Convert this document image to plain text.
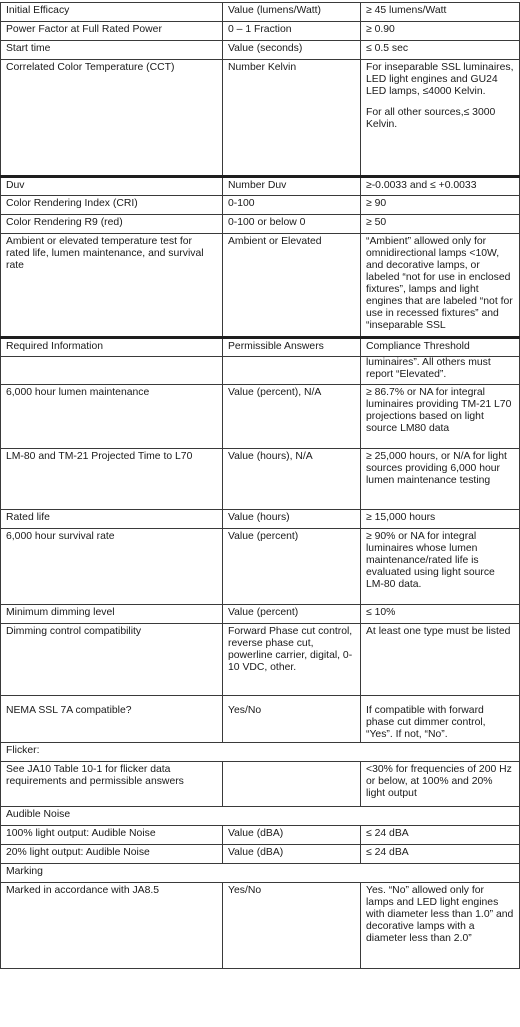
Initial Efficacy	Value (lumens/Watt)	≥ 45 lumens/Watt
Power Factor at Full Rated Power	0 – 1 Fraction	≥ 0.90
Start time	Value (seconds)	≤ 0.5 sec
Correlated Color Temperature (CCT)	Number Kelvin	For inseparable SSL luminaires, LED light engines and GU24 LED lamps, ≤4000 Kelvin.

For all other sources,≤ 3000 Kelvin.

Duv	Number Duv	≥-0.0033 and ≤ +0.0033
Color Rendering Index (CRI)	0-100	≥ 90
Color Rendering R9 (red)	0-100 or below 0	≥ 50
Ambient or elevated temperature test for rated life, lumen maintenance, and survival rate	Ambient or Elevated	“Ambient” allowed only for omnidirectional lamps <10W, and decorative lamps, or labeled “not for use in enclosed fixtures”, lamps and light engines that are labeled “not for use in recessed fixtures” and “inseparable SSL
Required Information	Permissible Answers	Compliance Threshold
		luminaires”. All others must report “Elevated”.
6,000 hour lumen maintenance	Value (percent), N/A	≥ 86.7% or NA for integral luminaires providing TM-21 L70 projections based on light source LM80 data
LM-80 and TM-21 Projected Time to L70	Value (hours), N/A	≥ 25,000 hours, or N/A for light sources providing 6,000 hour lumen maintenance testing
Rated life	Value (hours)	≥ 15,000 hours
6,000 hour survival rate	Value (percent)	≥ 90% or NA for integral luminaires whose lumen maintenance/rated life is evaluated using light source LM-80 data.
Minimum dimming level	Value (percent)	≤ 10%
Dimming control compatibility	Forward Phase cut control, reverse phase cut, powerline carrier, digital, 0-10 VDC, other.	At least one type must be listed
NEMA SSL 7A compatible?	Yes/No	If compatible with forward phase cut dimmer control, “Yes”. If not, “No”.
Flicker:		
See JA10 Table 10-1 for flicker data requirements and permissible answers		<30% for frequencies of 200 Hz or below, at 100% and 20% light output
Audible Noise		
100% light output: Audible Noise	Value (dBA)	≤ 24 dBA
20% light output: Audible Noise	Value (dBA)	≤ 24 dBA
Marking		
Marked in accordance with JA8.5	Yes/No	Yes. “No” allowed only for lamps and LED light engines with diameter less than 1.0” and decorative lamps with a diameter less than 2.0”
